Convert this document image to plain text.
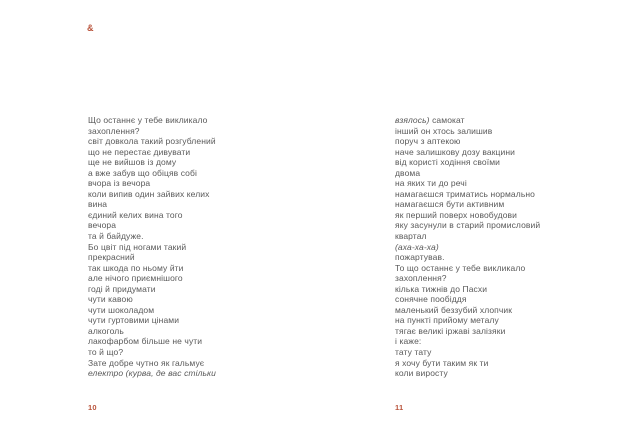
&
Що останнє у тебе викликало
захоплення?
світ довкола такий розгублений
що не перестає дивувати
ще не вийшов із дому
а вже забув що обіцяв собі
вчора із вечора
коли випив один зайвих келих
вина
єдиний келих вина того
вечора
та й байдуже.
Бо цвіт під ногами такий
прекрасний
так шкода по ньому йти
але нічого приємнішого
годі й придумати
чути кавою
чути шоколадом
чути гуртовими цінами
алкоголь
лакофарбом більше не чути
то й що?
Зате добре чутно як гальмує
електро (курва, де вас стільки
взялось) самокат
інший он хтось залишив
поруч з аптекою
наче залишкову дозу вакцини
від користі ходіння своїми
двома
на яких ти до речі
намагаєшся триматись нормально
намагаєшся бути активним
як перший поверх новобудови
яку засунули в старий промисловий
квартал
(аха-ха-ха)
пожартував.
То що останнє у тебе викликало
захоплення?
кілька тижнів до Пасхи
сонячне пообіддя
маленький беззубий хлопчик
на пункті прийому металу
тягає великі іржаві залізяки
і каже:
тату тату
я хочу бути таким як ти
коли виросту
10	11
